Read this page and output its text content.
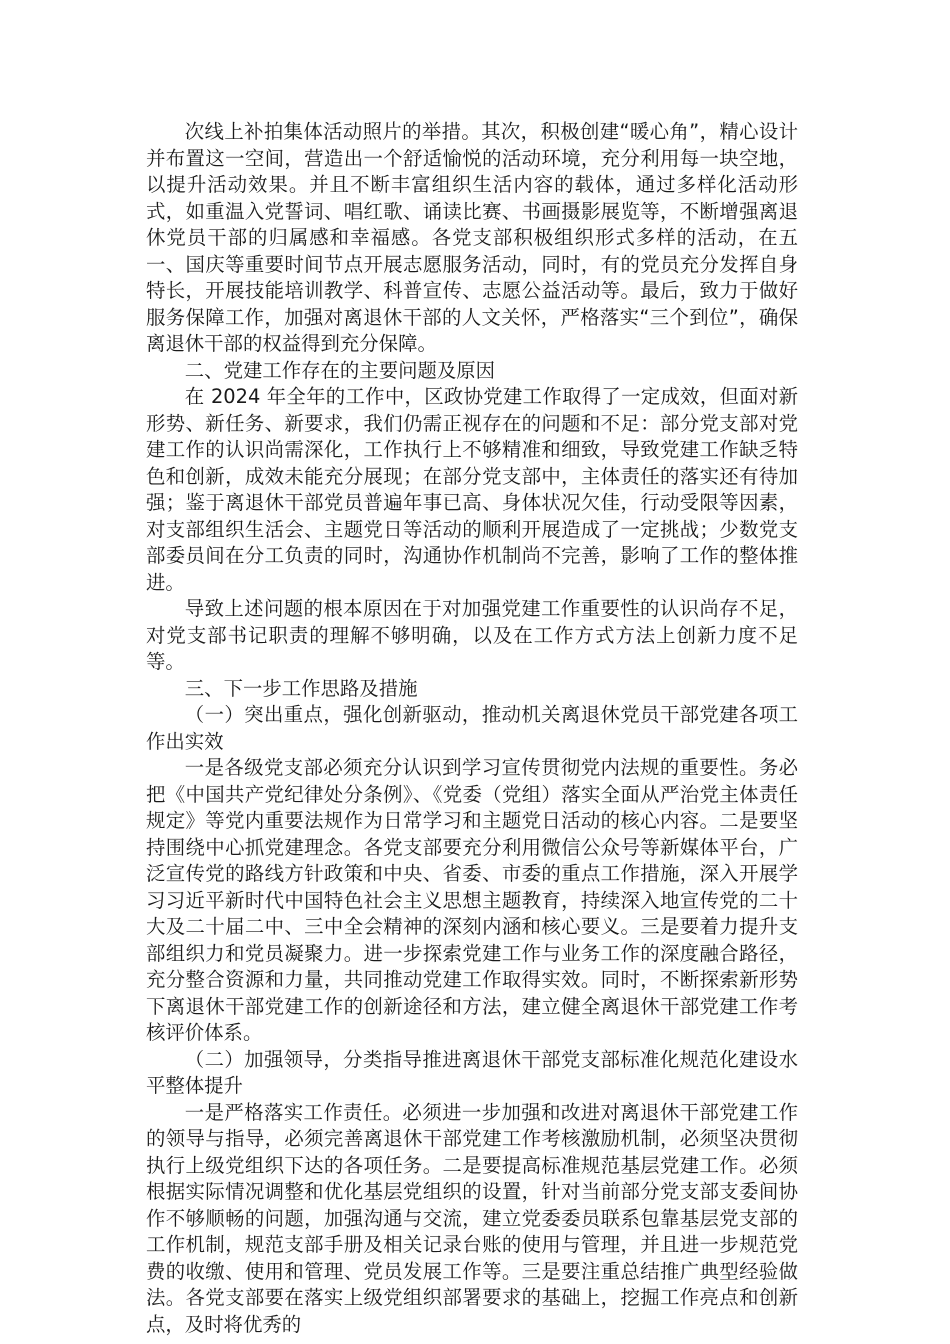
次线上补拍集体活动照片的举措。其次，积极创建“暖心角”，精心设计并布置这一空间，营造出一个舒适愉悦的活动环境，充分利用每一块空地，以提升活动效果。并且不断丰富组织生活内容的载体，通过多样化活动形式，如重温入党誓词、唱红歌、诵读比赛、书画摄影展览等，不断增强离退休党员干部的归属感和幸福感。各党支部积极组织形式多样的活动，在五一、国庆等重要时间节点开展志愿服务活动，同时，有的党员充分发挥自身特长，开展技能培训教学、科普宣传、志愿公益活动等。最后，致力于做好服务保障工作，加强对离退休干部的人文关怀，严格落实“三个到位”，确保离退休干部的权益得到充分保障。

二、党建工作存在的主要问题及原因

在 2024 年全年的工作中，区政协党建工作取得了一定成效，但面对新形势、新任务、新要求，我们仍需正视存在的问题和不足：部分党支部对党建工作的认识尚需深化，工作执行上不够精准和细致，导致党建工作缺乏特色和创新，成效未能充分展现；在部分党支部中，主体责任的落实还有待加强；鉴于离退休干部党员普遍年事已高、身体状况欠佳，行动受限等因素，对支部组织生活会、主题党日等活动的顺利开展造成了一定挑战；少数党支部委员间在分工负责的同时，沟通协作机制尚不完善，影响了工作的整体推进。

导致上述问题的根本原因在于对加强党建工作重要性的认识尚存不足，对党支部书记职责的理解不够明确，以及在工作方式方法上创新力度不足等。

三、下一步工作思路及措施

（一）突出重点，强化创新驱动，推动机关离退休党员干部党建各项工作出实效

一是各级党支部必须充分认识到学习宣传贯彻党内法规的重要性。务必把《中国共产党纪律处分条例》、《党委（党组）落实全面从严治党主体责任规定》等党内重要法规作为日常学习和主题党日活动的核心内容。二是要坚持围绕中心抓党建理念。各党支部要充分利用微信公众号等新媒体平台，广泛宣传党的路线方针政策和中央、省委、市委的重点工作措施，深入开展学习习近平新时代中国特色社会主义思想主题教育，持续深入地宣传党的二十大及二十届二中、三中全会精神的深刻内涵和核心要义。三是要着力提升支部组织力和党员凝聚力。进一步探索党建工作与业务工作的深度融合路径，充分整合资源和力量，共同推动党建工作取得实效。同时，不断探索新形势下离退休干部党建工作的创新途径和方法，建立健全离退休干部党建工作考核评价体系。

（二）加强领导，分类指导推进离退休干部党支部标准化规范化建设水平整体提升

一是严格落实工作责任。必须进一步加强和改进对离退休干部党建工作的领导与指导，必须完善离退休干部党建工作考核激励机制，必须坚决贯彻执行上级党组织下达的各项任务。二是要提高标准规范基层党建工作。必须根据实际情况调整和优化基层党组织的设置，针对当前部分党支部支委间协作不够顺畅的问题，加强沟通与交流，建立党委委员联系包靠基层党支部的工作机制，规范支部手册及相关记录台账的使用与管理，并且进一步规范党费的收缴、使用和管理、党员发展工作等。三是要注重总结推广典型经验做法。各党支部要在落实上级党组织部署要求的基础上，挖掘工作亮点和创新点，及时将优秀的
